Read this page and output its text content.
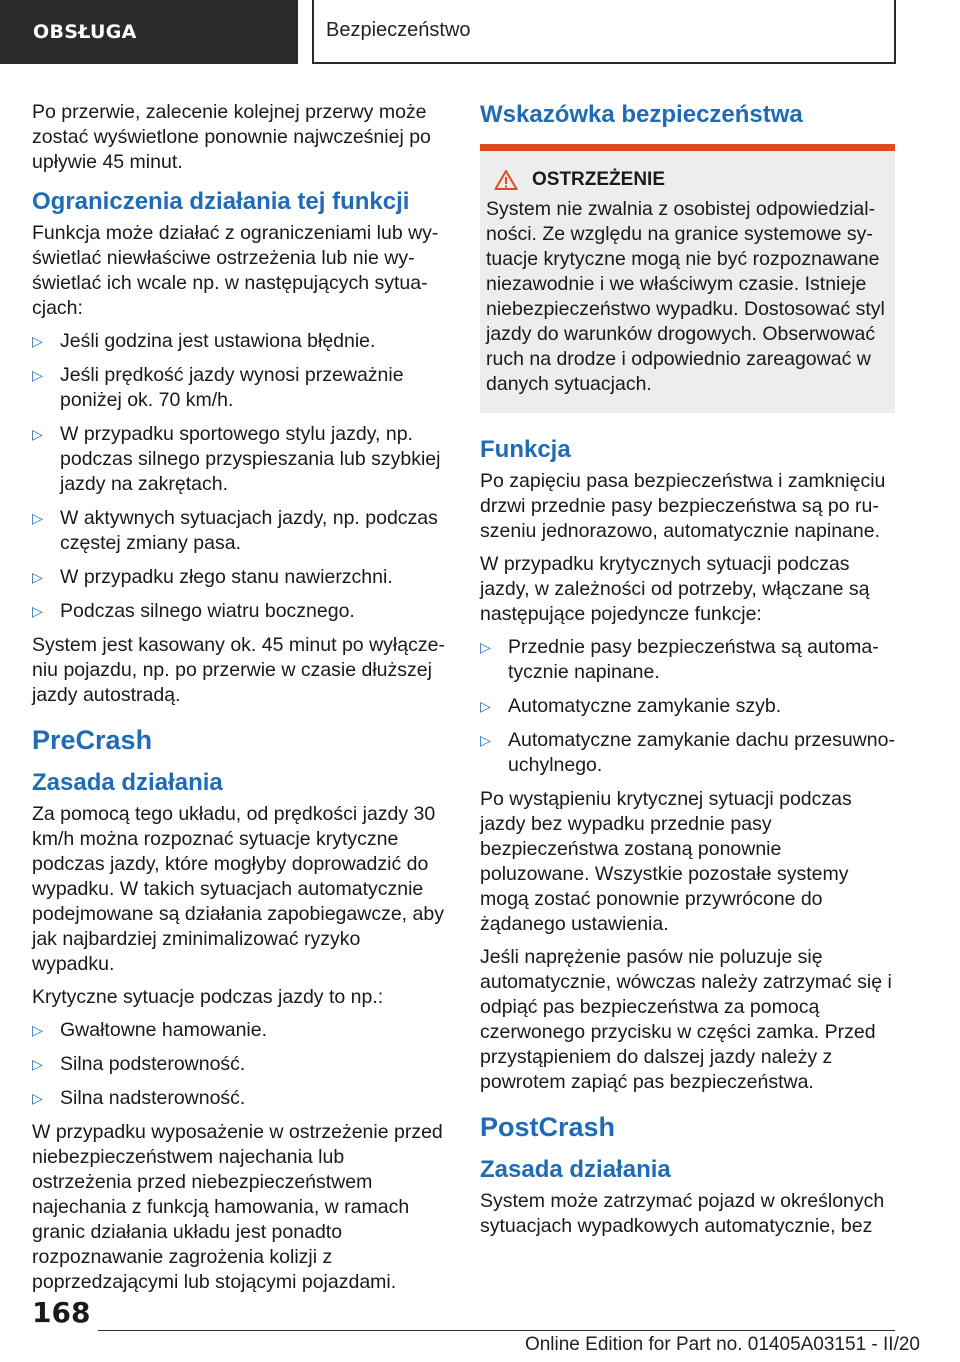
OBSŁUGA	Bezpieczeństwo

Po przerwie, zalecenie kolejnej przerwy może zostać wyświetlone ponownie najwcześniej po upływie 45 minut.

Ograniczenia działania tej funkcji

Funkcja może działać z ograniczeniami lub wyświetlać niewłaściwe ostrzeżenia lub nie wyświetlać ich wcale np. w następujących sytuacjach:

▷ Jeśli godzina jest ustawiona błędnie.
▷ Jeśli prędkość jazdy wynosi przeważnie poniżej ok. 70 km/h.
▷ W przypadku sportowego stylu jazdy, np. podczas silnego przyspieszania lub szybkiej jazdy na zakrętach.
▷ W aktywnych sytuacjach jazdy, np. podczas częstej zmiany pasa.
▷ W przypadku złego stanu nawierzchni.
▷ Podczas silnego wiatru bocznego.

System jest kasowany ok. 45 minut po wyłączeniu pojazdu, np. po przerwie w czasie dłuższej jazdy autostradą.

PreCrash
Zasada działania

Za pomocą tego układu, od prędkości jazdy 30 km/h można rozpoznać sytuacje krytyczne podczas jazdy, które mogłyby doprowadzić do wypadku. W takich sytuacjach automatycznie podejmowane są działania zapobiegawcze, aby jak najbardziej zminimalizować ryzyko wypadku.

Krytyczne sytuacje podczas jazdy to np.:

▷ Gwałtowne hamowanie.
▷ Silna podsterowność.
▷ Silna nadsterowność.

W przypadku wyposażenie w ostrzeżenie przed niebezpieczeństwem najechania lub ostrzeżenia przed niebezpieczeństwem najechania z funkcją hamowania, w ramach granic działania układu jest ponadto rozpoznawanie zagrożenia kolizji z poprzedzającymi lub stojącymi pojazdami.

Wskazówka bezpieczeństwa
OSTRZEŻENIE

System nie zwalnia z osobistej odpowiedzialności. Ze względu na granice systemowe sytuacje krytyczne mogą nie być rozpoznawane niezawodnie i we właściwym czasie. Istnieje niebezpieczeństwo wypadku. Dostosować styl jazdy do warunków drogowych. Obserwować ruch na drodze i odpowiednio zareagować w danych sytuacjach.

Funkcja

Po zapięciu pasa bezpieczeństwa i zamknięciu drzwi przednie pasy bezpieczeństwa są po ruszeniu jednorazowo, automatycznie napinane.

W przypadku krytycznych sytuacji podczas jazdy, w zależności od potrzeby, włączane są następujące pojedyncze funkcje:

▷ Przednie pasy bezpieczeństwa są automatycznie napinane.
▷ Automatyczne zamykanie szyb.
▷ Automatyczne zamykanie dachu przesuwno-uchylnego.

Po wystąpieniu krytycznej sytuacji podczas jazdy bez wypadku przednie pasy bezpieczeństwa zostaną ponownie poluzowane. Wszystkie pozostałe systemy mogą zostać ponownie przywrócone do żądanego ustawienia.

Jeśli naprężenie pasów nie poluzuje się automatycznie, wówczas należy zatrzymać się i odpiąć pas bezpieczeństwa za pomocą czerwonego przycisku w części zamka. Przed przystąpieniem do dalszej jazdy należy z powrotem zapiąć pas bezpieczeństwa.

PostCrash
Zasada działania

System może zatrzymać pojazd w określonych sytuacjach wypadkowych automatycznie, bez

168
Online Edition for Part no. 01405A03151 - II/20
